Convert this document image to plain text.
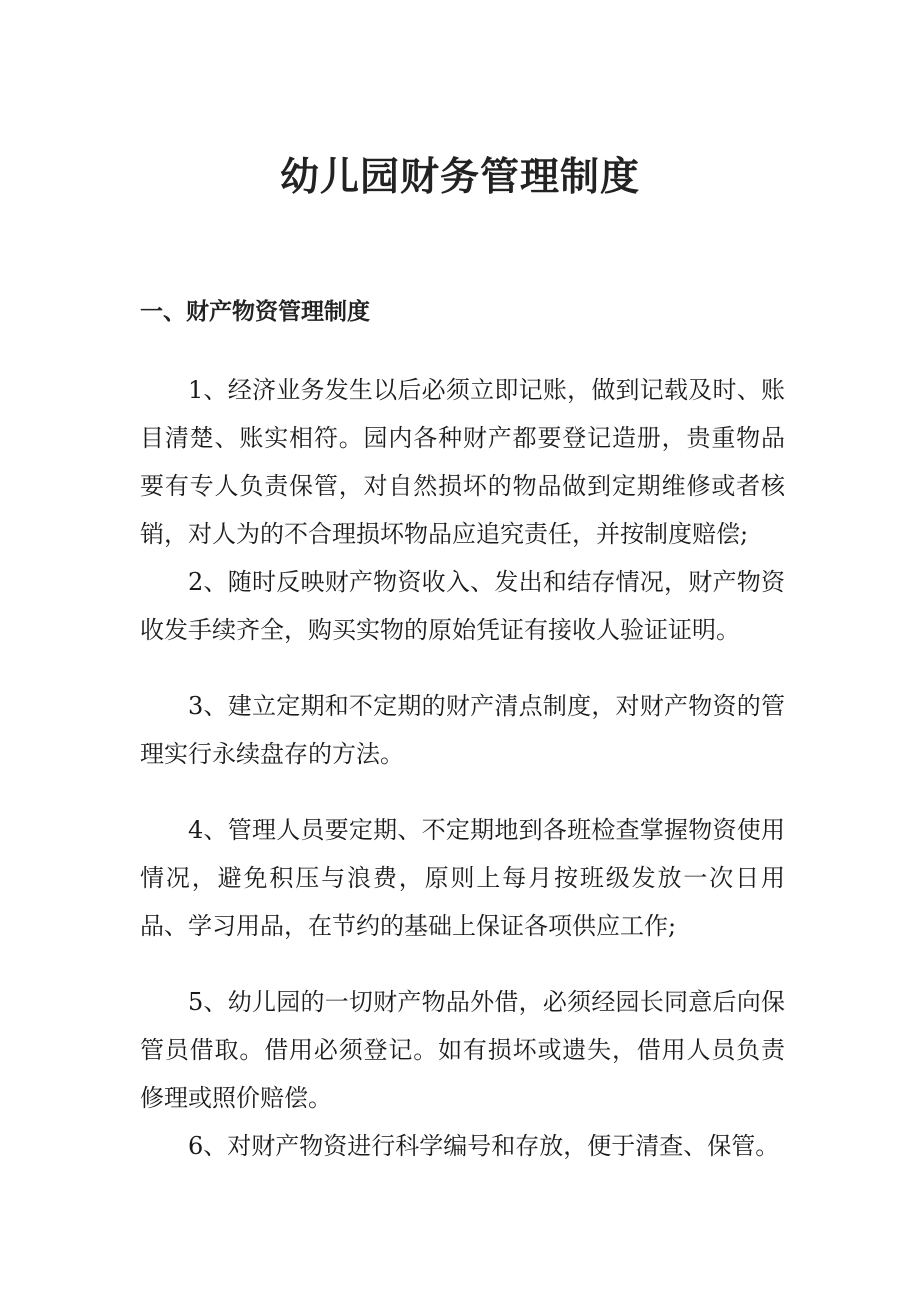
幼儿园财务管理制度
一、财产物资管理制度

1、经济业务发生以后必须立即记账，做到记载及时、账目清楚、账实相符。园内各种财产都要登记造册，贵重物品要有专人负责保管，对自然损坏的物品做到定期维修或者核销，对人为的不合理损坏物品应追究责任，并按制度赔偿;

2、随时反映财产物资收入、发出和结存情况，财产物资收发手续齐全，购买实物的原始凭证有接收人验证证明。

3、建立定期和不定期的财产清点制度，对财产物资的管理实行永续盘存的方法。

4、管理人员要定期、不定期地到各班检查掌握物资使用情况，避免积压与浪费，原则上每月按班级发放一次日用品、学习用品，在节约的基础上保证各项供应工作;

5、幼儿园的一切财产物品外借，必须经园长同意后向保管员借取。借用必须登记。如有损坏或遗失，借用人员负责修理或照价赔偿。

6、对财产物资进行科学编号和存放，便于清查、保管。
